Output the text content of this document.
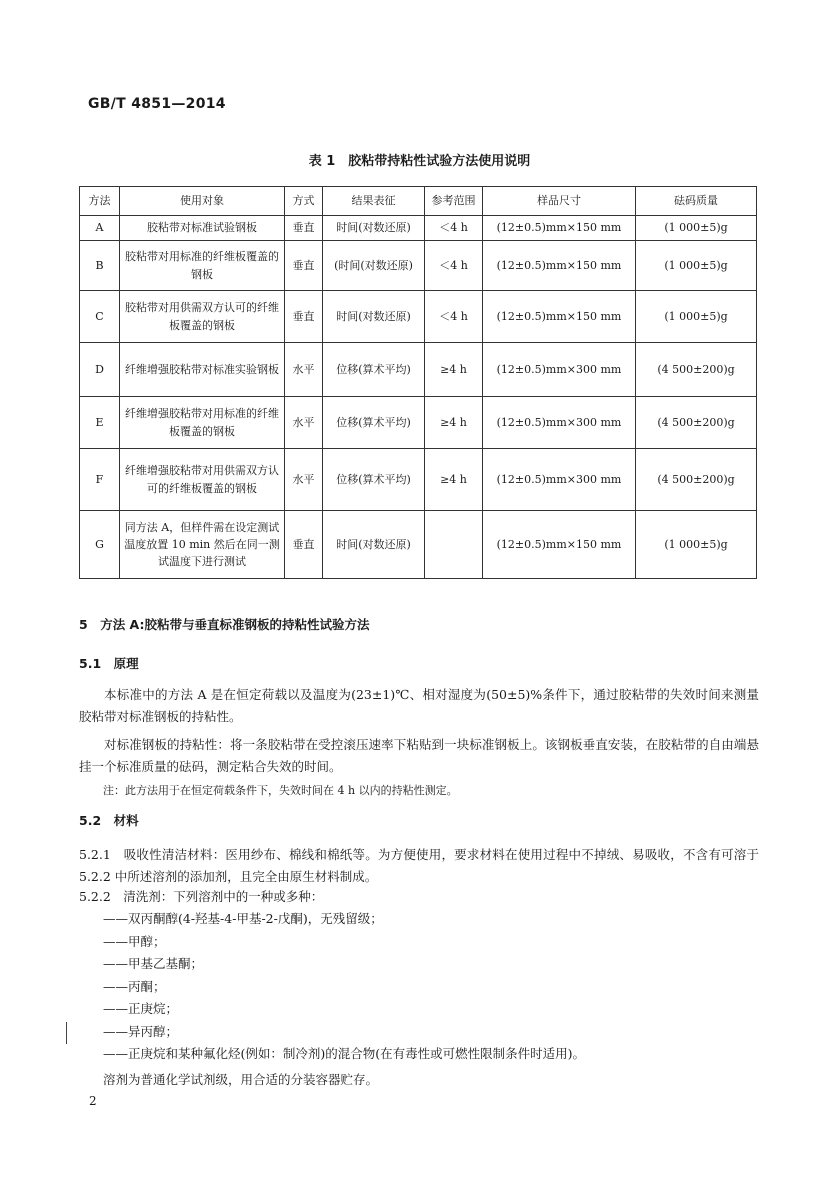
GB/T 4851—2014
表 1　胶粘带持粘性试验方法使用说明
方法	使用对象	方式	结果表征	参考范围	样品尺寸	砝码质量
A	胶粘带对标准试验钢板	垂直	时间(对数还原)	＜4 h	(12±0.5)mm×150 mm	(1 000±5)g
B	胶粘带对用标准的纤维板覆盖的钢板	垂直	(时间(对数还原)	＜4 h	(12±0.5)mm×150 mm	(1 000±5)g
C	胶粘带对用供需双方认可的纤维板覆盖的钢板	垂直	时间(对数还原)	＜4 h	(12±0.5)mm×150 mm	(1 000±5)g
D	纤维增强胶粘带对标准实验钢板	水平	位移(算术平均)	≥4 h	(12±0.5)mm×300 mm	(4 500±200)g
E	纤维增强胶粘带对用标准的纤维板覆盖的钢板	水平	位移(算术平均)	≥4 h	(12±0.5)mm×300 mm	(4 500±200)g
F	纤维增强胶粘带对用供需双方认可的纤维板覆盖的钢板	水平	位移(算术平均)	≥4 h	(12±0.5)mm×300 mm	(4 500±200)g
G	同方法 A，但样件需在设定测试温度放置 10 min 然后在同一测试温度下进行测试	垂直	时间(对数还原)		(12±0.5)mm×150 mm	(1 000±5)g
5　方法 A:胶粘带与垂直标准钢板的持粘性试验方法
5.1　原理
本标准中的方法 A 是在恒定荷载以及温度为(23±1)℃、相对湿度为(50±5)%条件下，通过胶粘带的失效时间来测量胶粘带对标准钢板的持粘性。
对标准钢板的持粘性：将一条胶粘带在受控滚压速率下粘贴到一块标准钢板上。该钢板垂直安装，在胶粘带的自由端悬挂一个标准质量的砝码，测定粘合失效的时间。
注：此方法用于在恒定荷载条件下，失效时间在 4 h 以内的持粘性测定。
5.2　材料
5.2.1　吸收性清洁材料：医用纱布、棉线和棉纸等。为方便使用，要求材料在使用过程中不掉绒、易吸收，不含有可溶于 5.2.2 中所述溶剂的添加剂，且完全由原生材料制成。
5.2.2　清洗剂：下列溶剂中的一种或多种：
——双丙酮醇(4-羟基-4-甲基-2-戊酮)，无残留级；
——甲醇；
——甲基乙基酮；
——丙酮；
——正庚烷；
——异丙醇；
——正庚烷和某种氟化烃(例如：制冷剂)的混合物(在有毒性或可燃性限制条件时适用)。
溶剂为普通化学试剂级，用合适的分装容器贮存。
2
